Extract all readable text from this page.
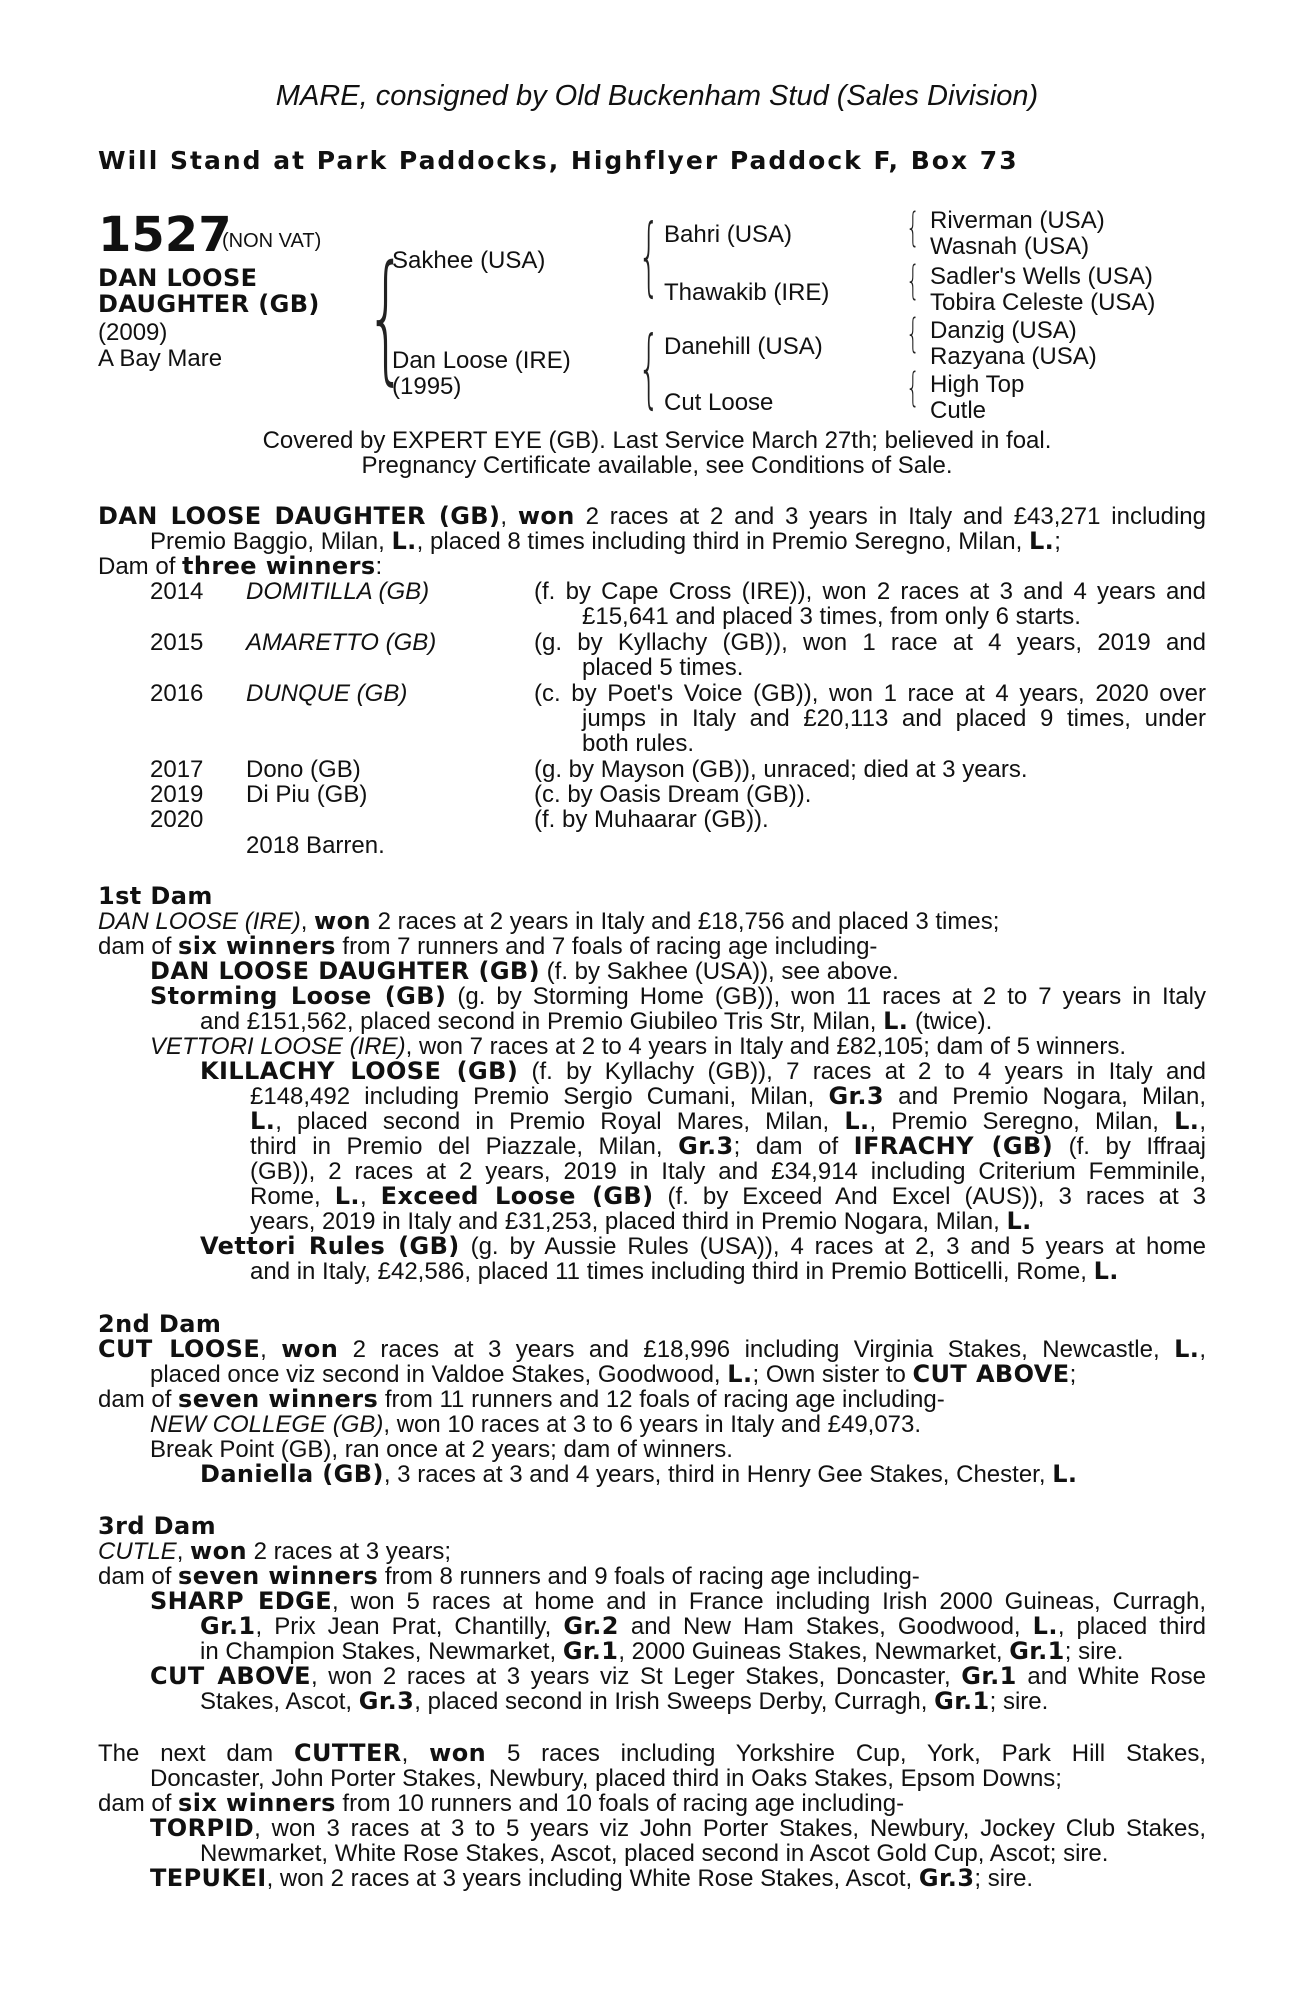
MARE, consigned by Old Buckenham Stud (Sales Division)
Will Stand at Park Paddocks, Highflyer Paddock F, Box 73
1527
(NON VAT)
DAN LOOSE
DAUGHTER (GB)
(2009)
A Bay Mare {	{
{
{
{
{
{
Sakhee (USA)
Dan Loose (IRE)
(1995)
Bahri (USA)
Thawakib (IRE)
Danehill (USA)
Cut Loose
Riverman (USA)
Wasnah (USA)
Sadler's Wells (USA)
Tobira Celeste (USA)
Danzig (USA)
Razyana (USA)
High Top
Cutle
Covered by EXPERT EYE (GB). Last Service March 27th; believed in foal.
Pregnancy Certificate available, see Conditions of Sale.
DAN LOOSE DAUGHTER (GB), won 2 races at 2 and 3 years in Italy and £43,271 including
Premio Baggio, Milan, L., placed 8 times including third in Premio Seregno, Milan, L.;
Dam of three winners:
2014 DOMITILLA (GB)	(f. by Cape Cross (IRE)), won 2 races at 3 and 4 years and
£15,641 and placed 3 times, from only 6 starts.
2015 AMARETTO (GB)	(g. by Kyllachy (GB)), won 1 race at 4 years, 2019 and
placed 5 times.
2016 DUNQUE (GB)	(c. by Poet's Voice (GB)), won 1 race at 4 years, 2020 over
jumps in Italy and £20,113 and placed 9 times, under
both rules.
2017 Dono (GB)	(g. by Mayson (GB)), unraced; died at 3 years.
2019 Di Piu (GB)	(c. by Oasis Dream (GB)).
2020	(f. by Muhaarar (GB)).
2018 Barren.
1st Dam
DAN LOOSE (IRE), won 2 races at 2 years in Italy and £18,756 and placed 3 times;
dam of six winners from 7 runners and 7 foals of racing age including-
DAN LOOSE DAUGHTER (GB) (f. by Sakhee (USA)), see above.
Storming Loose (GB) (g. by Storming Home (GB)), won 11 races at 2 to 7 years in Italy
and £151,562, placed second in Premio Giubileo Tris Str, Milan, L. (twice).
VETTORI LOOSE (IRE), won 7 races at 2 to 4 years in Italy and £82,105; dam of 5 winners.
KILLACHY LOOSE (GB) (f. by Kyllachy (GB)), 7 races at 2 to 4 years in Italy and
£148,492 including Premio Sergio Cumani, Milan, Gr.3 and Premio Nogara, Milan,
L., placed second in Premio Royal Mares, Milan, L., Premio Seregno, Milan, L.,
third in Premio del Piazzale, Milan, Gr.3; dam of IFRACHY (GB) (f. by Iffraaj
(GB)), 2 races at 2 years, 2019 in Italy and £34,914 including Criterium Femminile,
Rome, L., Exceed Loose (GB) (f. by Exceed And Excel (AUS)), 3 races at 3
years, 2019 in Italy and £31,253, placed third in Premio Nogara, Milan, L.
Vettori Rules (GB) (g. by Aussie Rules (USA)), 4 races at 2, 3 and 5 years at home
and in Italy, £42,586, placed 11 times including third in Premio Botticelli, Rome, L.
2nd Dam
CUT LOOSE, won 2 races at 3 years and £18,996 including Virginia Stakes, Newcastle, L.,
placed once viz second in Valdoe Stakes, Goodwood, L.; Own sister to CUT ABOVE;
dam of seven winners from 11 runners and 12 foals of racing age including-
NEW COLLEGE (GB), won 10 races at 3 to 6 years in Italy and £49,073.
Break Point (GB), ran once at 2 years; dam of winners.
Daniella (GB), 3 races at 3 and 4 years, third in Henry Gee Stakes, Chester, L.
3rd Dam
CUTLE, won 2 races at 3 years;
dam of seven winners from 8 runners and 9 foals of racing age including-
SHARP EDGE, won 5 races at home and in France including Irish 2000 Guineas, Curragh,
Gr.1, Prix Jean Prat, Chantilly, Gr.2 and New Ham Stakes, Goodwood, L., placed third
in Champion Stakes, Newmarket, Gr.1, 2000 Guineas Stakes, Newmarket, Gr.1; sire.
CUT ABOVE, won 2 races at 3 years viz St Leger Stakes, Doncaster, Gr.1 and White Rose
Stakes, Ascot, Gr.3, placed second in Irish Sweeps Derby, Curragh, Gr.1; sire.
The next dam CUTTER, won 5 races including Yorkshire Cup, York, Park Hill Stakes,
Doncaster, John Porter Stakes, Newbury, placed third in Oaks Stakes, Epsom Downs;
dam of six winners from 10 runners and 10 foals of racing age including-
TORPID, won 3 races at 3 to 5 years viz John Porter Stakes, Newbury, Jockey Club Stakes,
Newmarket, White Rose Stakes, Ascot, placed second in Ascot Gold Cup, Ascot; sire.
TEPUKEI, won 2 races at 3 years including White Rose Stakes, Ascot, Gr.3; sire.
